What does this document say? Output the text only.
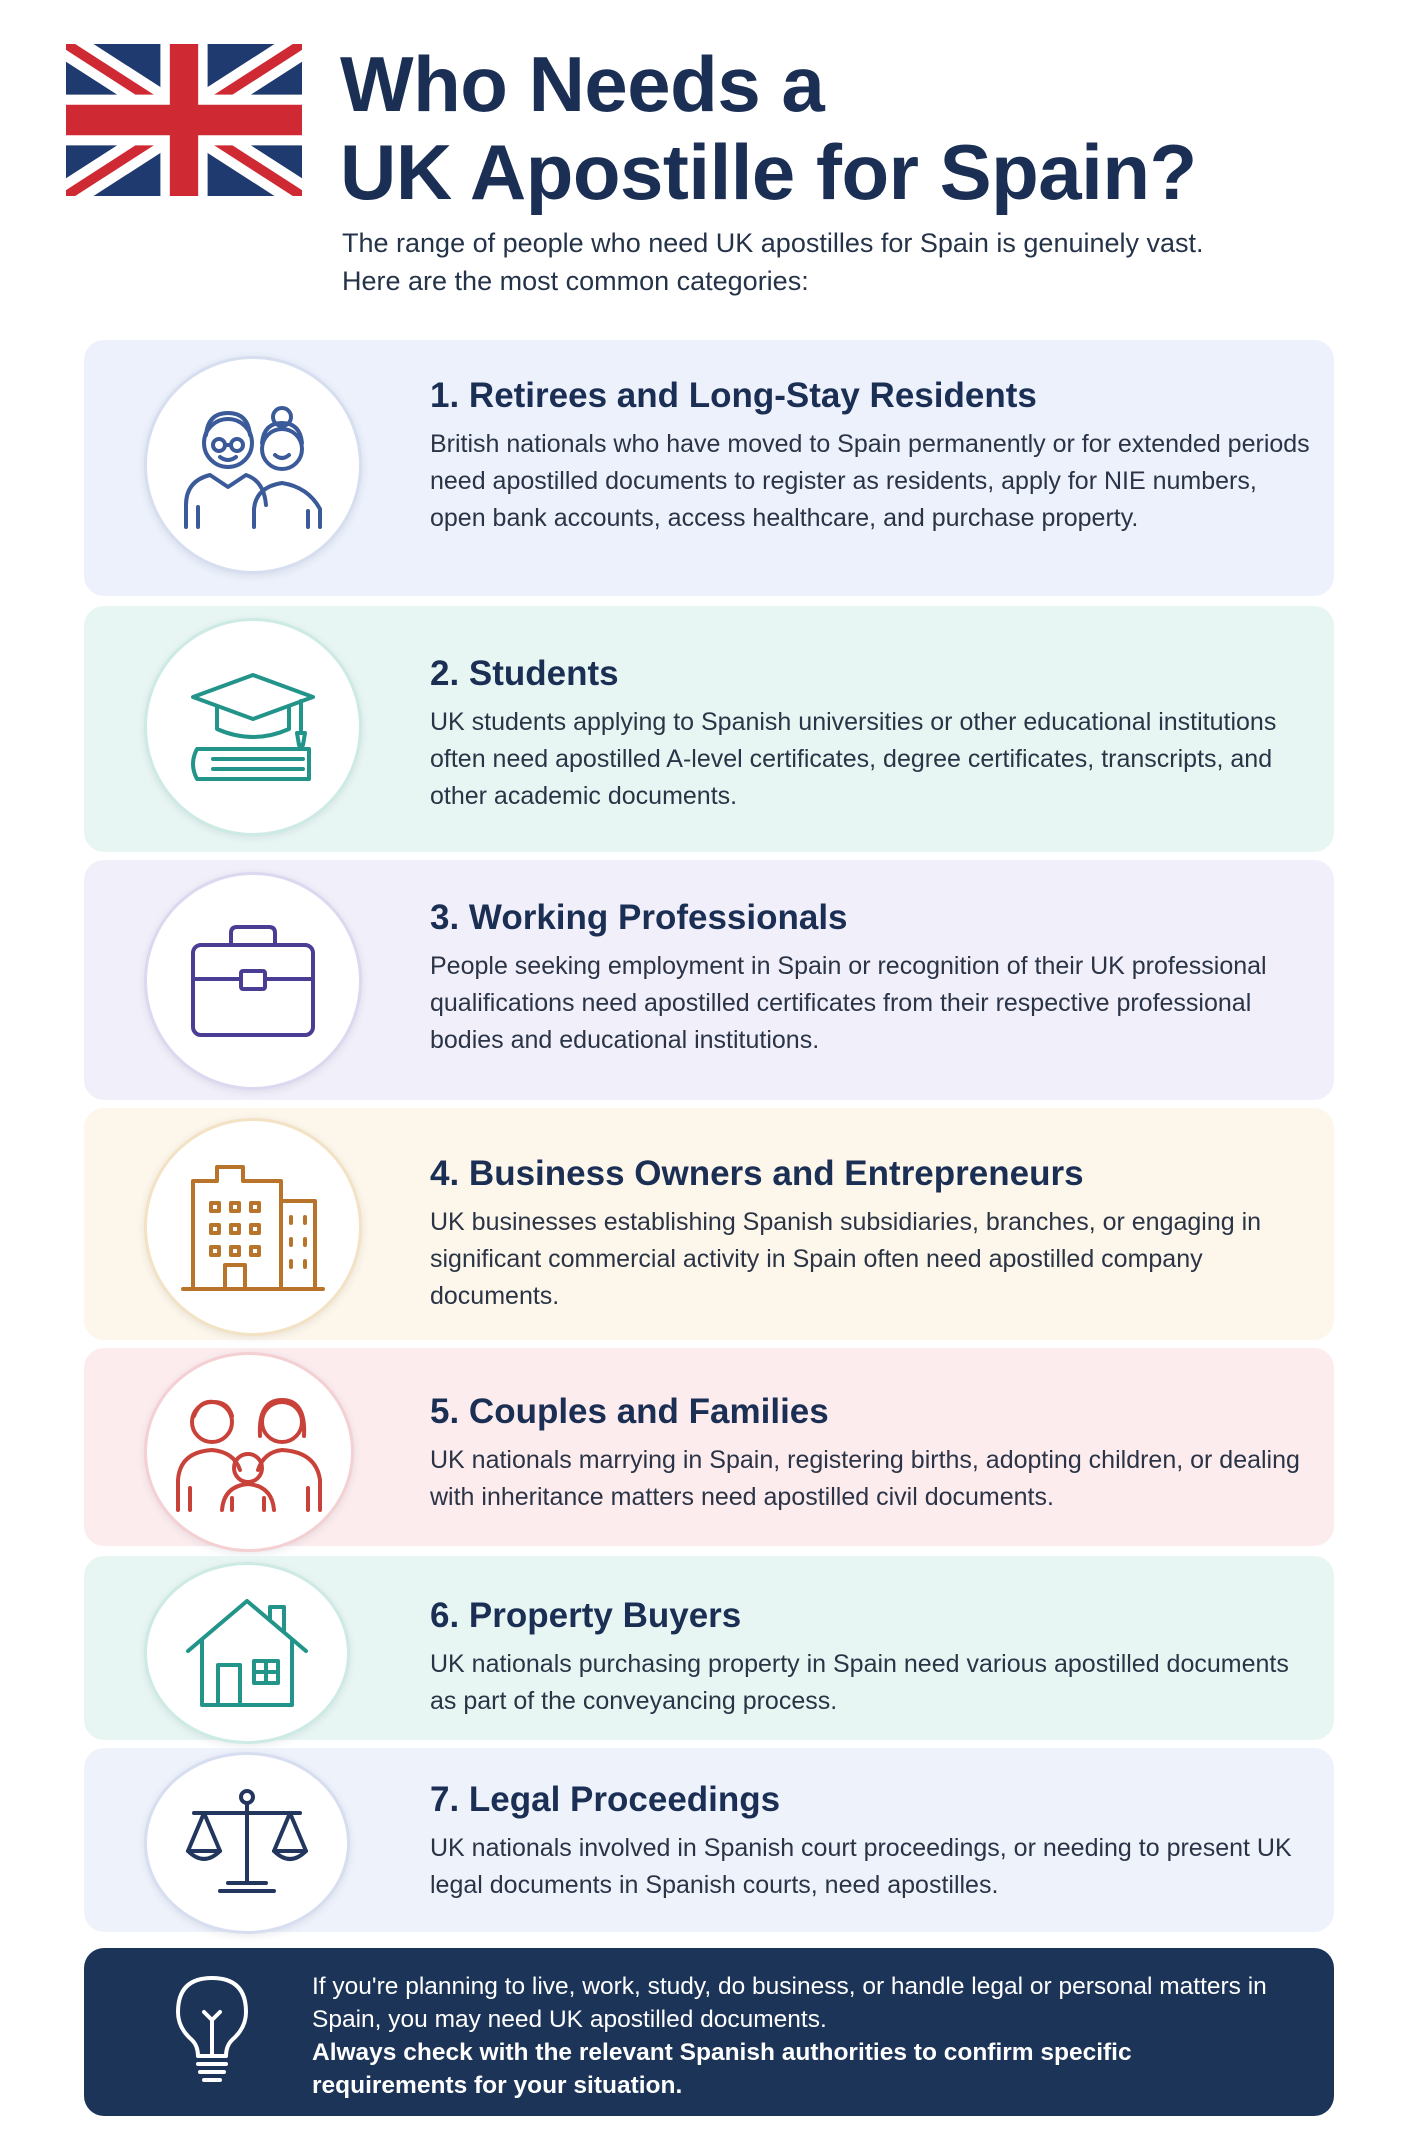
Who Needs a
UK Apostille for Spain?

The range of people who need UK apostilles for Spain is genuinely vast.
Here are the most common categories:

1. Retirees and Long-Stay Residents

British nationals who have moved to Spain permanently or for extended periods need apostilled documents to register as residents, apply for NIE numbers, open bank accounts, access healthcare, and purchase property.

2. Students

UK students applying to Spanish universities or other educational institutions often need apostilled A-level certificates, degree certificates, transcripts, and other academic documents.

3. Working Professionals

People seeking employment in Spain or recognition of their UK professional qualifications need apostilled certificates from their respective professional bodies and educational institutions.

4. Business Owners and Entrepreneurs

UK businesses establishing Spanish subsidiaries, branches, or engaging in significant commercial activity in Spain often need apostilled company documents.

5. Couples and Families

UK nationals marrying in Spain, registering births, adopting children, or dealing with inheritance matters need apostilled civil documents.

6. Property Buyers

UK nationals purchasing property in Spain need various apostilled documents as part of the conveyancing process.

7. Legal Proceedings

UK nationals involved in Spanish court proceedings, or needing to present UK legal documents in Spanish courts, need apostilles.

If you're planning to live, work, study, do business, or handle legal or personal matters in Spain, you may need UK apostilled documents.
Always check with the relevant Spanish authorities to confirm specific requirements for your situation.
